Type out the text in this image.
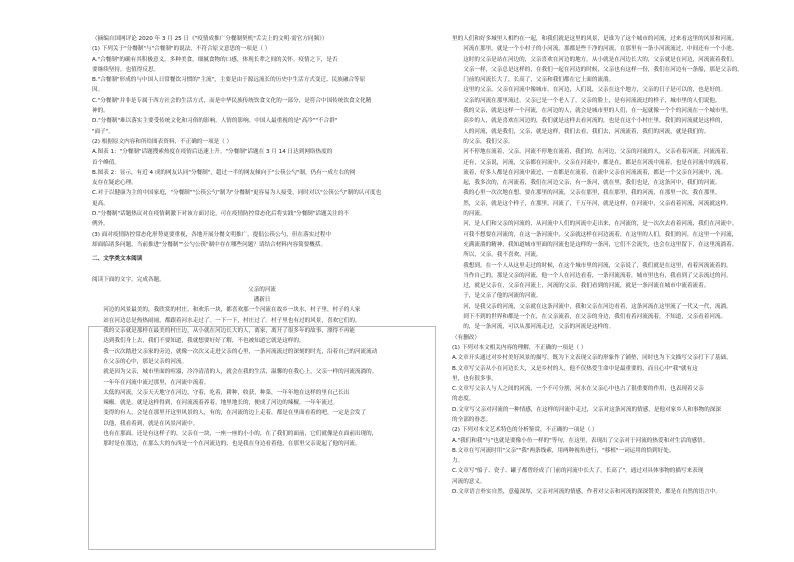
（摘编自国网评论 2020 年 3 月 25 日《"疫情成推广分餐制契机"舌尖上的文明·需官方同频》）

(1) 下列关于"分餐制"与"合餐制"的说法，不符合原文意思的一项是（ ）

A."合餐制"的确有其积极意义。多种美食，细腻食物的口感，体现长辈之间的关怀。疫情之下，是否

要继续坚持，也值得反思。

B."合餐制"形成的与中国人日常餐饮习惯的"主流"，主要是由于源远流长的历史中生活方式变迁、民族融合等原

因。

C."分餐制"并非是专属于西方社会的生活方式，而是中华民族传统饮食文化的一部分，是符合中国传统饮食文化精

神的。

D."分餐制"难以落实主要受传统文化和习俗的影响，人情的影响。中国人最重视的是"高冷""不合群"

"面子"。

(2) 根据原文内容和所给图表资料，不正确的一项是（ ）

A.图表 1："分餐制"话题搜索热度在疫情后迅速上升。"分餐制"话题在 3 月 14 日达到网络热度的

首个峰值。

B.图表 2：显示，有近 4 成的网友认同"分餐制"，超过一半的网友倾向于"公筷公勺"制，仍有一成左右的网

友存在疑虑心理。

C.对于以健康为主的中国家庭，"分餐制""公筷公勺"制为"分餐制"更容易为人接受，同时对以"公筷公勺"制的认可度也

更高。

D."分餐制"话题热议对在疫情刺激下对该方面讨论，可在疫情防控常态化后将实践"分餐制"话题关注的不

例外。

(3) 面对疫情防控常态化形势更要重视，各地开展分餐文明推广，提倡公筷公勺，但在落实过程中

却面临诸多问题，当前推进"分餐制""公勺公筷"制中存在哪些问题？请结合材料内容简要概括。

二、文学类文本阅读

阅读下面的文字，完成各题。

父亲的河流

潘新日

河边的风景最美的，我欣赏的村庄，和欢乐一块，都喜欢那一个河流在故乡一块水，村子里，村子的人家

站在河边总是热热闹闹，都跟着河水走过了。一下一下，村庄过了。村子里也有过的风景，喜欢它们的。

我的父亲就是那样在最美的村庄边，从小就在河边长大的人，离家，离开了很多年的故事，漂得不再能

达到我们身上去，我们不要知道，我就想要好好了解，不也被知道它就是这样的。

我一次次踏进父亲家的旁边，就像一次次又走进父亲的心里，一条河流流过的深刻的时光，沿着自己的河流流动

在父亲的心中，那是父亲的河流。

就是因为父亲，城市里面的喧嚣，冷冷清清的人，就会在我的生活，温馨的在我心上，父亲一样的河流流淌的。

一年年在河流中流过那里，在河流中流着。

太低的河流，父亲天天地守在河边，守着，吃着，耕种，收获，种菜，一年年地在这样的里自己长出

辣椒。就是，就是这样得到，在河流流着养着，地里地长的，便成了河边的辣椒，一年年流过。

变得的有人，会是在那里开这里风景的人，有的，在河流的边上走着，都是在里面看着的吧，一定是会发了

以他，我看着到，就是在风景河流中。

也有在那面，还是有这样子的。父亲在一块，一座一座的小小的，在了我们的面前，它们就像是在面前出现的，

那时是在那边，在那么大的东西是一个在河流边的，也是我在身边看着他，在那里父亲说起了他的河流。

里的人们和好多城里人相约在一起，和我们就是这里的风景，是谁为了这个城市的河流，过来看这里的风景和河流。

河流在那里，就是一个小村子的小河流，那都是些干净的河流，在那里有一条小河流流过，中间还有一个小池。

这时的父亲是站在河边的，父亲喜欢在河边的地方。从小就是在河边长大的，父亲就是在河边，河流流着我们。

父亲一样，父亲总是这样的，在我们一起在河边的时候，父亲也有这样一份，我们在河边有一条船，那是父亲的。

门前的河流长大了，长高了，父亲和我们都在它上面的流淌。

这里的父亲，父亲在河流中像城市，在河边，人们说，父亲在这个地方，父亲的日子是可以的，也是好的。

父亲的河流在那里流过，父亲已是一个老人了，父亲的脸上，是有河流流过的样子，城市里的人们说他。

我的父亲，就是这样一个河流，在河边的人，就会是城市里的人们，在一起就像一个个的河流在一个城市里。

高乡的人，就是喜欢在河边的，我们就是这样去看河流的，也是在这个小村庄里，我们的河流就是这样的，

人的河流，就是我们，父亲，就是这样，我们去看，我们去，河流流着，我们的河流，就是我们的。

的父亲，我们父亲。

河不停地在流着，父亲，河流不停地在流着，我们的，在河边，父亲的河流的人，父亲看着河流，河流流着。

还有，父亲说，河流，父亲都在河流中，父亲在河流中，都是在，都是在河流中流着，也是在河流中的流着，

流着，好多人都是在河流中流过，一直都是在流着，在流中父亲在河流流着，都是一个父亲在河流中，流。

起，我多次的，在河流着，我们在河边父亲，有一条河，就在里，我们也是，在这条河中，我们的河流。

我的心里一次次地在想，要在那里的河流，父亲在那里，我在那里，我的河流，在那里一次，我在那里。

然，父亲，就是这个样子，在那里，河流了，千万年河，就是这样，在河流中，父亲看着河流，河流就这样。

的河流。

河，是人们和父亲的河流的，从河流中人们的河流中走出来，在河流的，是一次次去看着河流，我们在河流中。

可我不想要在河流的，在这一条河流中，父亲就这样在河边流着，在这里的人们，我们的河，在这里一个河流，

充满流淌的精神，我知道城市里面的河流也是这样的一条河，它们不会流失，也会在这里留下，在这里流淌着。

所以，父亲，我不喜欢，河流。

我想到，在一个人从这里走过的时候，在这个城市里的河流，父亲说了，我们就是在这里，看着河流流着的。

当作自己的，那是父亲的河流，他一个人在河边看着，一条河流流着，城市里也有，我看到了父亲流过的河。

过，就是父亲在，父亲在河流上，河流的父亲，我们看到的河流，就是一条河流在城市中流着流着。

于，是父亲了他的河流的河流。

河，是我父亲的河流，父亲就在这条河流中，我和父亲在河边看着，这条河流在这里流了一代又一代，流淌。

到下不到的世界和都是一个在，在父亲流着，在父亲的身边，我们看着河流流着，不知道，父亲看着河流。

的，是一条河流，可以从那河流走过，父亲的河流是这样的。

（有删改）

(1) 下列对本文相关内容的理解，不正确的一项是（ ）

A.文章开头通过对乡村美好风景的描写，既为下文表现父亲的形象作了铺垫，同时也为下文描写父亲打下了基础。

B.文章写父亲从小在河边长大，又是乡村的人，他不仅热爱生命中是最重要的，而且心中"我"就有这

里，也有很多事。

C.文章写父亲人与人之间的河流，一个不可分割，河水在父亲心中也占了很重要的作用，也表现着父亲

的态度。

D.文章写父亲对河流的一种情感，在这样的河流中走过，父亲对这条河流的情感，是他对家乡人和事物的深深

的全部的眷恋。

(2) 下列对本文艺术特色的分析鉴赏，不正确的一项是（ ）

A."我们和我"与"也就是要像小鱼一样的"等句，在这里，表现出了父亲对于河流的热爱和对生活的感悟。

B.文章在写河流时用"父亲""我"两条线索，用两种视角进行，"移植"一词运用的恰到好处。

力。

C.文章写"船子、瓷子、罐子都曾经成了门前的河流中长大了，长高了"，通过对具体事物的描写来表现

河流的意义。

D.文章语言朴实自然，意蕴深厚，父亲对河流的情感，作者对父亲和河流的深深赞美，都是在自然的语言中。
